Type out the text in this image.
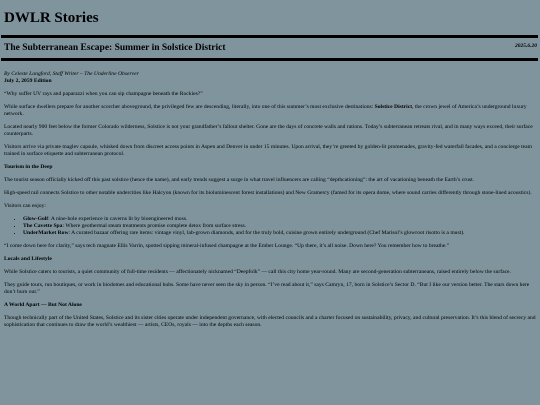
DWLR Stories
The Subterranean Escape: Summer in Solstice District	2025.6.20
By Celeste Langford, Staff Writer – The Underline Observer
July 2, 2059 Edition

“Why suffer UV rays and paparazzi when you can sip champagne beneath the Rockies?”

While surface dwellers prepare for another scorcher aboveground, the privileged few are descending, literally, into one of this summer’s most exclusive destinations: Solstice District, the crown jewel of America’s underground luxury network.

Located nearly 900 feet below the former Colorado wilderness, Solstice is not your grandfather’s fallout shelter. Gone are the days of concrete walls and rations. Today’s subterranean retreats rival, and in many ways exceed, their surface counterparts.

Visitors arrive via private maglev capsule, whisked down from discreet access points in Aspen and Denver in under 15 minutes. Upon arrival, they’re greeted by golden-lit promenades, gravity-fed waterfall facades, and a concierge team trained in surface etiquette and subterranean protocol.

Tourism in the Deep

The tourist season officially kicked off this past solstice (hence the name), and early trends suggest a surge in what travel influencers are calling “depthcationing”: the art of vacationing beneath the Earth’s crust.

High-speed rail connects Solstice to other notable undercities like Halcyon (known for its bioluminescent forest installations) and New Gramercy (famed for its opera dome, where sound carries differently through stone-lined acoustics).

Visitors can enjoy:

• Glow-Golf: A nine-hole experience in caverns lit by bioengineered moss.
• The Cavette Spa: Where geothermal steam treatments promise complete detox from surface stress.
• UnderMarket Row: A curated bazaar offering rare items: vintage vinyl, lab-grown diamonds, and for the truly bold, cuisine grown entirely underground (Chef Marisol’s glowroot risotto is a must).

“I come down here for clarity,” says tech magnate Ellis Varrin, spotted sipping mineral-infused champagne at the Ember Lounge. “Up there, it’s all noise. Down here? You remember how to breathe.”

Locals and Lifestyle

While Solstice caters to tourists, a quiet community of full-time residents — affectionately nicknamed “Deepfolk” — call this city home year-round. Many are second-generation subterraneans, raised entirely below the surface.

They guide tours, run boutiques, or work in biodomes and educational hubs. Some have never seen the sky in person. “I’ve read about it,” says Camryn, 17, born in Solstice’s Sector D. “But I like our version better. The stars down here don’t burn out.”

A World Apart — But Not Alone

Though technically part of the United States, Solstice and its sister cities operate under independent governance, with elected councils and a charter focused on sustainability, privacy, and cultural preservation. It’s this blend of secrecy and sophistication that continues to draw the world’s wealthiest — artists, CEOs, royals — into the depths each season.
